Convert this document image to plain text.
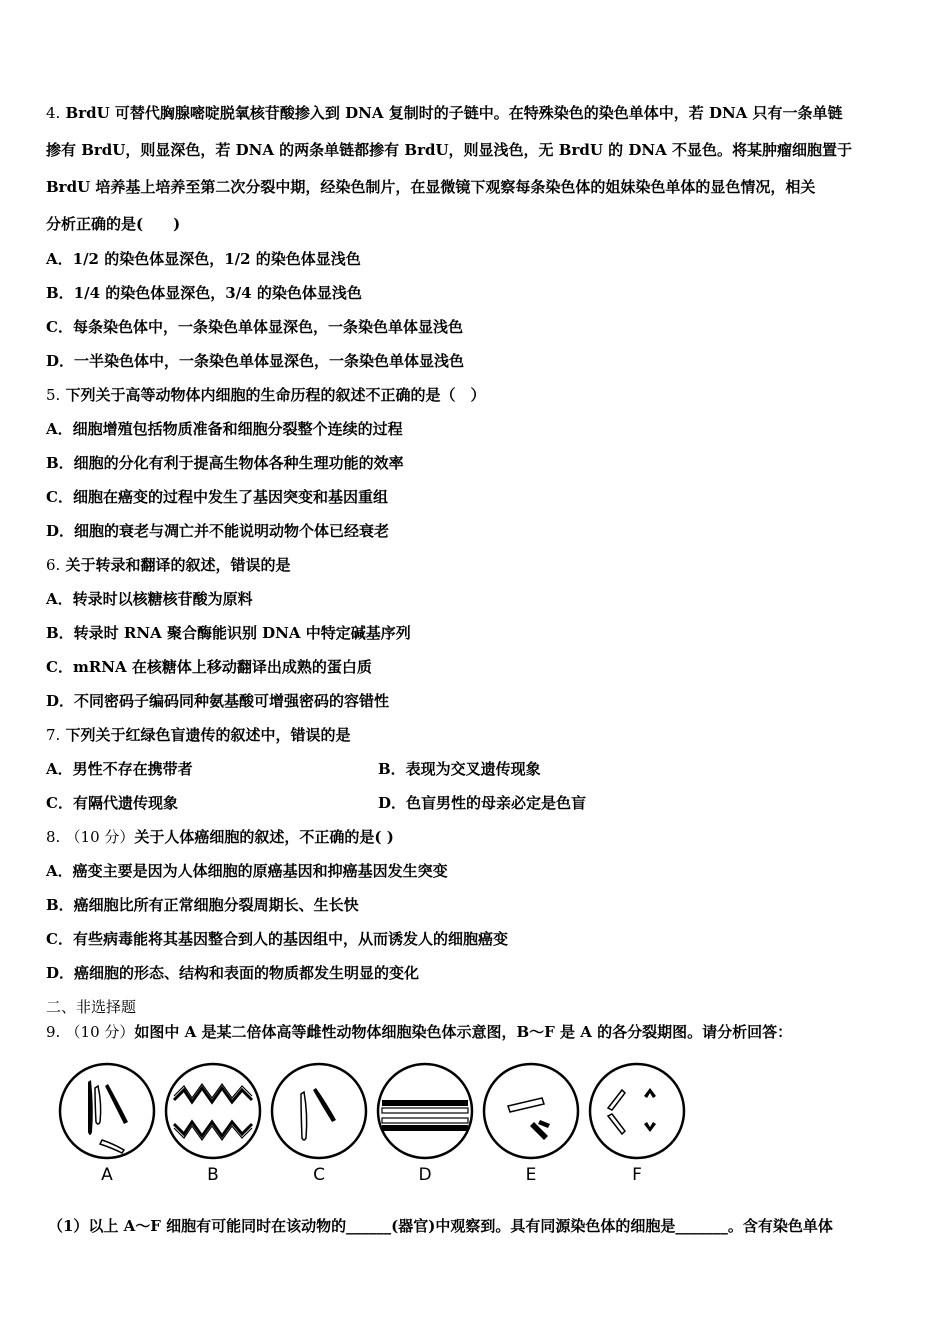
4. BrdU 可替代胸腺嘧啶脱氧核苷酸掺入到 DNA 复制时的子链中。在特殊染色的染色单体中，若 DNA 只有一条单链
掺有 BrdU，则显深色，若 DNA 的两条单链都掺有 BrdU，则显浅色，无 BrdU 的 DNA 不显色。将某肿瘤细胞置于
BrdU 培养基上培养至第二次分裂中期，经染色制片，在显微镜下观察每条染色体的姐妹染色单体的显色情况，相关
分析正确的是(　　)
A．1/2 的染色体显深色，1/2 的染色体显浅色
B．1/4 的染色体显深色，3/4 的染色体显浅色
C．每条染色体中，一条染色单体显深色，一条染色单体显浅色
D．一半染色体中，一条染色单体显深色，一条染色单体显浅色
5. 下列关于高等动物体内细胞的生命历程的叙述不正确的是（　）
A．细胞增殖包括物质准备和细胞分裂整个连续的过程
B．细胞的分化有利于提高生物体各种生理功能的效率
C．细胞在癌变的过程中发生了基因突变和基因重组
D．细胞的衰老与凋亡并不能说明动物个体已经衰老
6. 关于转录和翻译的叙述，错误的是
A．转录时以核糖核苷酸为原料
B．转录时 RNA 聚合酶能识别 DNA 中特定碱基序列
C．mRNA 在核糖体上移动翻译出成熟的蛋白质
D．不同密码子编码同种氨基酸可增强密码的容错性
7. 下列关于红绿色盲遗传的叙述中，错误的是
A．男性不存在携带者	B．表现为交叉遗传现象
C．有隔代遗传现象	D．色盲男性的母亲必定是色盲
8. （10 分）关于人体癌细胞的叙述，不正确的是( )
A．癌变主要是因为人体细胞的原癌基因和抑癌基因发生突变
B．癌细胞比所有正常细胞分裂周期长、生长快
C．有些病毒能将其基因整合到人的基因组中，从而诱发人的细胞癌变
D．癌细胞的形态、结构和表面的物质都发生明显的变化
二、非选择题
9. （10 分）如图中 A 是某二倍体高等雌性动物体细胞染色体示意图，B～F 是 A 的各分裂期图。请分析回答：
A	B	C	D	E	F
（1）以上 A～F 细胞有可能同时在该动物的______(器官)中观察到。具有同源染色体的细胞是_______。含有染色单体
